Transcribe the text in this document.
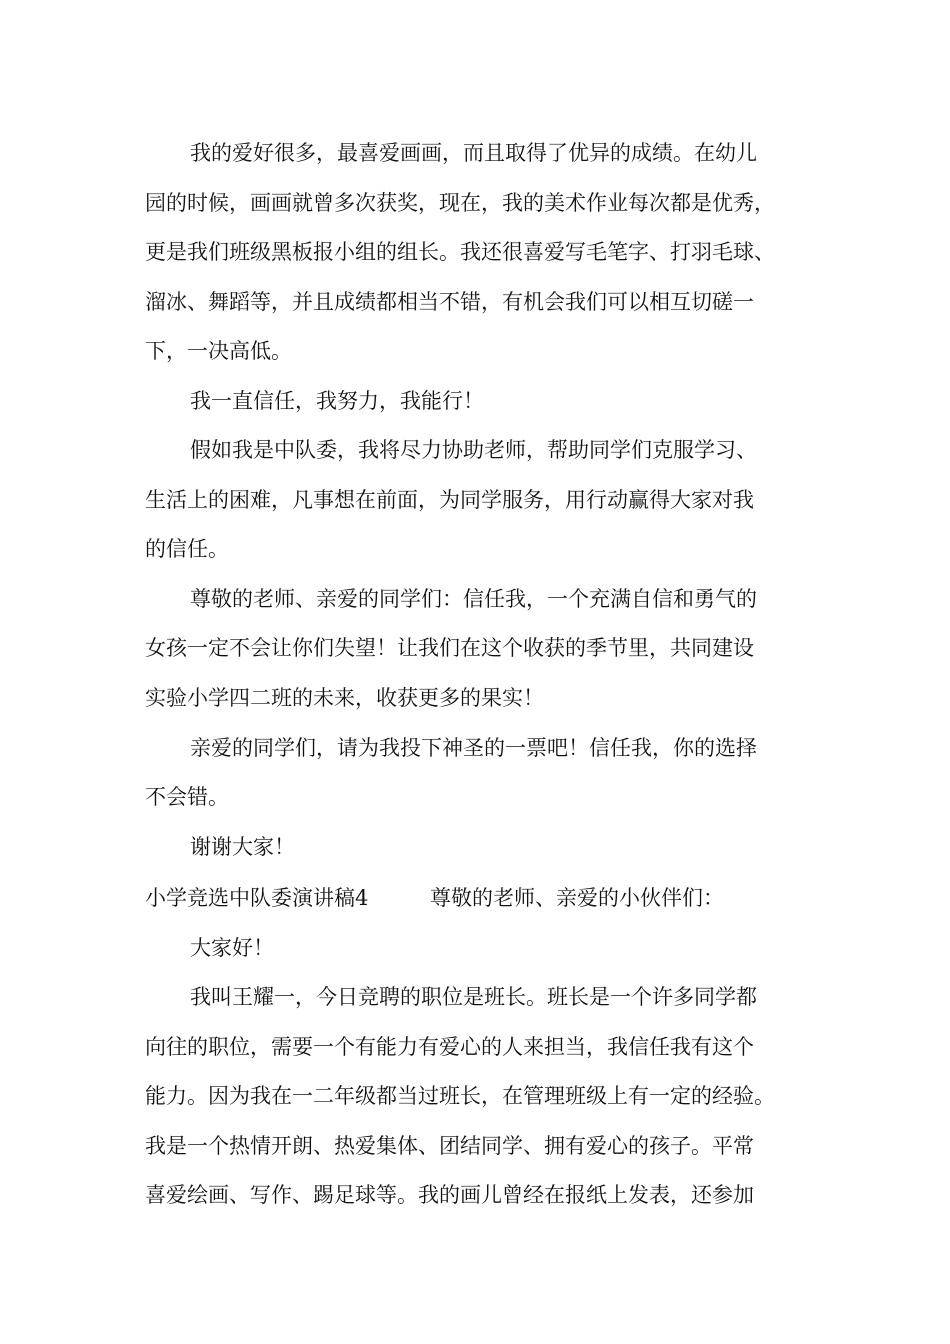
我的爱好很多，最喜爱画画，而且取得了优异的成绩。在幼儿

园的时候，画画就曾多次获奖，现在，我的美术作业每次都是优秀，

更是我们班级黑板报小组的组长。我还很喜爱写毛笔字、打羽毛球、

溜冰、舞蹈等，并且成绩都相当不错，有机会我们可以相互切磋一

下，一决高低。

我一直信任，我努力，我能行！

假如我是中队委，我将尽力协助老师，帮助同学们克服学习、

生活上的困难，凡事想在前面，为同学服务，用行动赢得大家对我

的信任。

尊敬的老师、亲爱的同学们：信任我，一个充满自信和勇气的

女孩一定不会让你们失望！让我们在这个收获的季节里，共同建设

实验小学四二班的未来，收获更多的果实！

亲爱的同学们，请为我投下神圣的一票吧！信任我，你的选择

不会错。

谢谢大家！

小学竞选中队委演讲稿4	尊敬的老师、亲爱的小伙伴们：

大家好！

我叫王耀一，今日竞聘的职位是班长。班长是一个许多同学都

向往的职位，需要一个有能力有爱心的人来担当，我信任我有这个

能力。因为我在一二年级都当过班长，在管理班级上有一定的经验。

我是一个热情开朗、热爱集体、团结同学、拥有爱心的孩子。平常

喜爱绘画、写作、踢足球等。我的画儿曾经在报纸上发表，还参加
